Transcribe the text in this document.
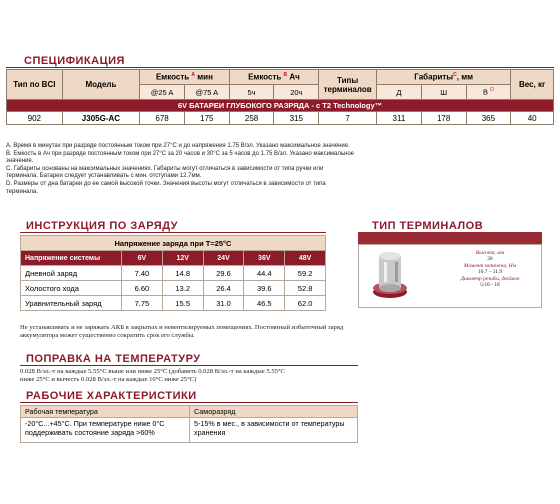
СПЕЦИФИКАЦИЯ
Тип по BCI	Модель	Емкость $^A$ мин		Емкость $^B$ Ач		Типы терминалов	Габариты$^C$, мм			Вес, кг
		@25 A	@75 A	5ч	20ч		Д	Ш	В $^D$
6V БАТАРЕИ ГЛУБОКОГО РАЗРЯДА - с T2 Technology™										
902	J305G-AC	678	175	258	315	7	311	178	365	40

A. Время в минутах при разряде постоянным током при 27°С и до напряжения 1.75 В/эл. Указано максимальное значение.

B. Емкость в Ач при разряде постоянным током при 27°С за 20 часов и 30°С за 5 часов до 1.75 В/эл. Указано максимальное значение.

C. Габариты основаны на максимальных значениях. Габариты могут отличаться в зависимости от типа ручки или терминала. Батареи следует устанавливать с мин. отступами 12.7мм.

D. Размеры от дна батареи до ее самой высокой точки. Значения высоты могут отличаться в зависимости от типа терминала.

ИНСТРУКЦИЯ ПО ЗАРЯДУ
Напряжение заряда при T=25°C					
Напряжение системы	6V	12V	24V	36V	48V
Дневной заряд	7.40	14.8	29.6	44.4	59.2
Холостого хода	6.60	13.2	26.4	39.6	52.8
Уравнительный заряд	7.75	15.5	31.0	46.5	62.0
Не устанавливать и не заряжать АКБ в закрытых и невентилируемых помещениях. Постоянный избыточный заряд аккумулятора может существенно сократить срок его службы.
ПОПРАВКА НА ТЕМПЕРАТУРУ
0.028 В/эл.-т на каждые 5.55°С выше или ниже 25°С (добавить 0.028 В/эл.-т на каждые 5.55°С
ниже 25°С и вычесть 0.028 В/эл.-т на каждые 10°С ниже 25°С)
РАБОЧИЕ ХАРАКТЕРИСТИКИ
Рабочая температура	Саморазряд
-20°С...+45°С. При температуре ниже 0°С поддерживать состояние заряда >60%	5-15% в мес., в зависимости от температуры хранения
ТИП ТЕРМИНАЛОВ
Высота, мм
28
Момент затяжки, Нм
10.7 – 11.9
Диаметр резьбы, дюймов
5/16 - 18
